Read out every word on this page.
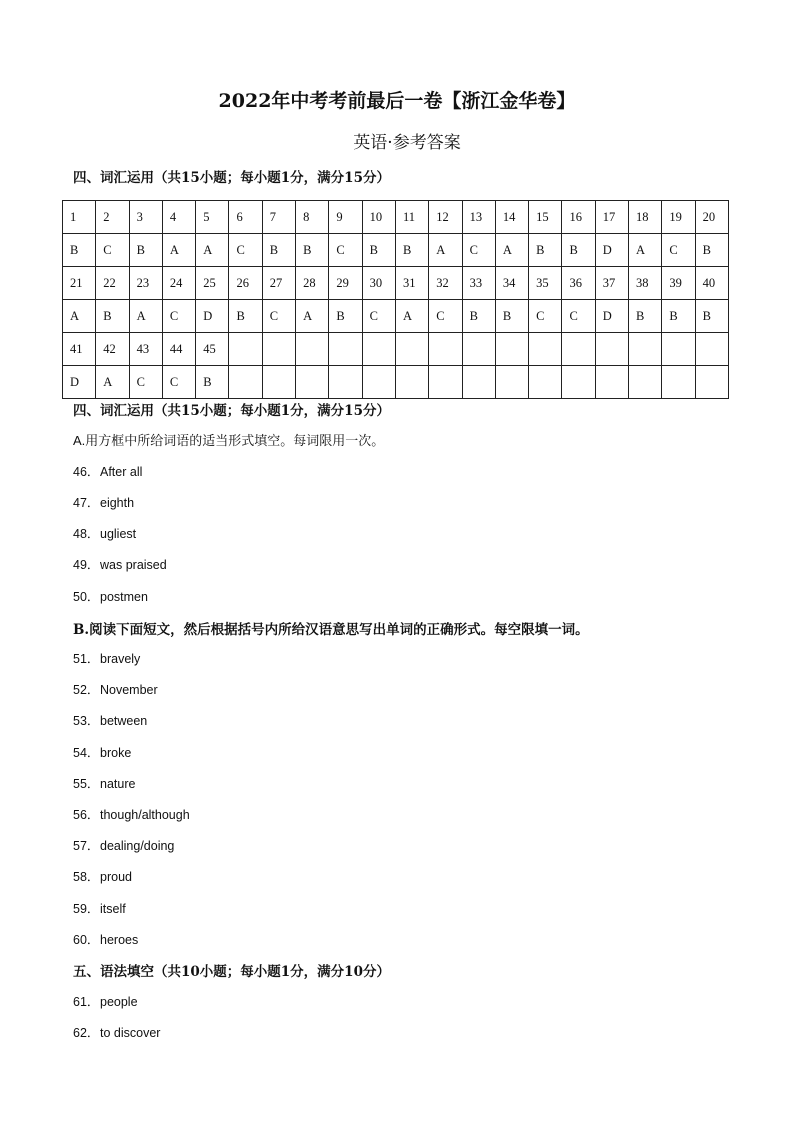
2022年中考考前最后一卷【浙江金华卷】
英语·参考答案
四、词汇运用（共15小题；每小题1分，满分15分）
1	2	3	4	5	6	7	8	9	10	11	12	13	14	15	16	17	18	19	20
B	C	B	A	A	C	B	B	C	B	B	A	C	A	B	B	D	A	C	B
21	22	23	24	25	26	27	28	29	30	31	32	33	34	35	36	37	38	39	40
A	B	A	C	D	B	C	A	B	C	A	C	B	B	C	C	D	B	B	B
41	42	43	44	45															
D	A	C	C	B															
四、词汇运用（共15小题；每小题1分，满分15分）
A.用方框中所给词语的适当形式填空。每词限用一次。
46．After all
47．eighth
48．ugliest
49．was praised
50．postmen
B.阅读下面短文，然后根据括号内所给汉语意思写出单词的正确形式。每空限填一词。
51．bravely
52．November
53．between
54．broke
55．nature
56．though/although
57．dealing/doing
58．proud
59．itself
60．heroes
五、语法填空（共10小题；每小题1分，满分10分）
61．people
62．to discover
